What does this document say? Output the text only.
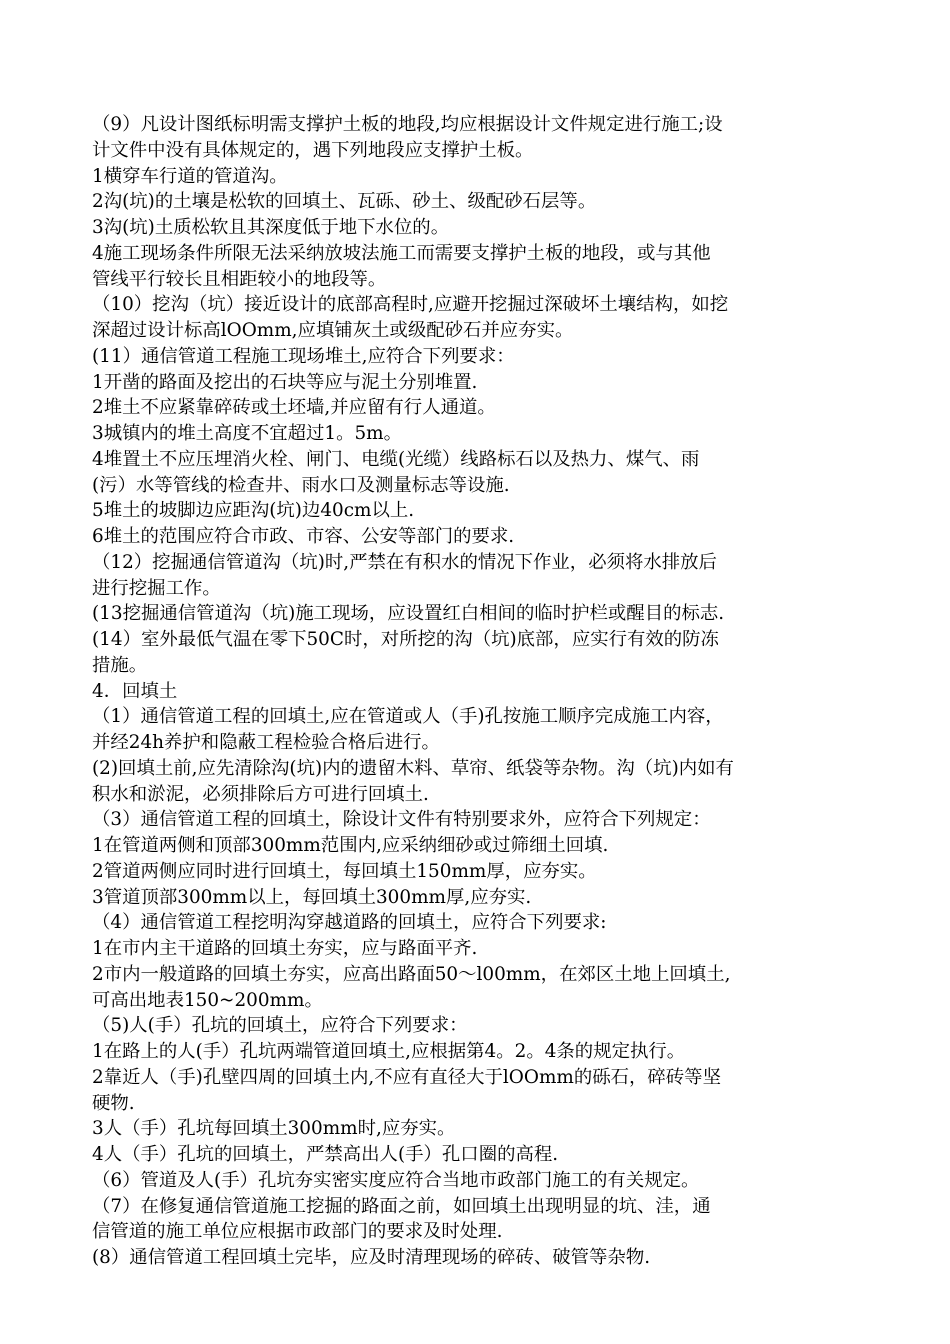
（9）凡设计图纸标明需支撑护土板的地段,均应根据设计文件规定进行施工;设
计文件中没有具体规定的，遇下列地段应支撑护土板。
1横穿车行道的管道沟。
2沟(坑)的土壤是松软的回填土、瓦砾、砂土、级配砂石层等。
3沟(坑)土质松软且其深度低于地下水位的。
4施工现场条件所限无法采纳放坡法施工而需要支撑护土板的地段，或与其他
管线平行较长且相距较小的地段等。
（10）挖沟（坑）接近设计的底部高程时,应避开挖掘过深破坏土壤结构，如挖
深超过设计标高lOOmm,应填铺灰土或级配砂石并应夯实。
(11）通信管道工程施工现场堆土,应符合下列要求：
1开凿的路面及挖出的石块等应与泥土分别堆置.
2堆土不应紧靠碎砖或土坯墙,并应留有行人通道。
3城镇内的堆土高度不宜超过1。5m。
4堆置土不应压埋消火栓、闸门、电缆(光缆）线路标石以及热力、煤气、雨
(污）水等管线的检查井、雨水口及测量标志等设施.
5堆土的坡脚边应距沟(坑)边40cm以上.
6堆土的范围应符合市政、市容、公安等部门的要求.
（12）挖掘通信管道沟（坑)时,严禁在有积水的情况下作业，必须将水排放后
进行挖掘工作。
(13挖掘通信管道沟（坑)施工现场，应设置红白相间的临时护栏或醒目的标志.
(14）室外最低气温在零下50C时，对所挖的沟（坑)底部，应实行有效的防冻
措施。
4．回填土
（1）通信管道工程的回填土,应在管道或人（手)孔按施工顺序完成施工内容，
并经24h养护和隐蔽工程检验合格后进行。
(2)回填土前,应先清除沟(坑)内的遗留木料、草帘、纸袋等杂物。沟（坑)内如有
积水和淤泥，必须排除后方可进行回填土.
（3）通信管道工程的回填土，除设计文件有特别要求外，应符合下列规定：
1在管道两侧和顶部300mm范围内,应采纳细砂或过筛细土回填.
2管道两侧应同时进行回填土，每回填土150mm厚，应夯实。
3管道顶部300mm以上，每回填土300mm厚,应夯实.
（4）通信管道工程挖明沟穿越道路的回填土，应符合下列要求:
1在市内主干道路的回填土夯实，应与路面平齐.
2市内一般道路的回填土夯实，应高出路面50～l00mm，在郊区土地上回填土,
可高出地表150~200mm。
（5)人(手）孔坑的回填土，应符合下列要求：
1在路上的人(手）孔坑两端管道回填土,应根据第4。2。4条的规定执行。
2靠近人（手)孔壁四周的回填土内,不应有直径大于lOOmm的砾石，碎砖等坚
硬物.
3人（手）孔坑每回填土300mm时,应夯实。
4人（手）孔坑的回填土，严禁高出人(手）孔口圈的高程.
（6）管道及人(手）孔坑夯实密实度应符合当地市政部门施工的有关规定。
（7）在修复通信管道施工挖掘的路面之前，如回填土出现明显的坑、洼，通
信管道的施工单位应根据市政部门的要求及时处理.
(8）通信管道工程回填土完毕，应及时清理现场的碎砖、破管等杂物.
